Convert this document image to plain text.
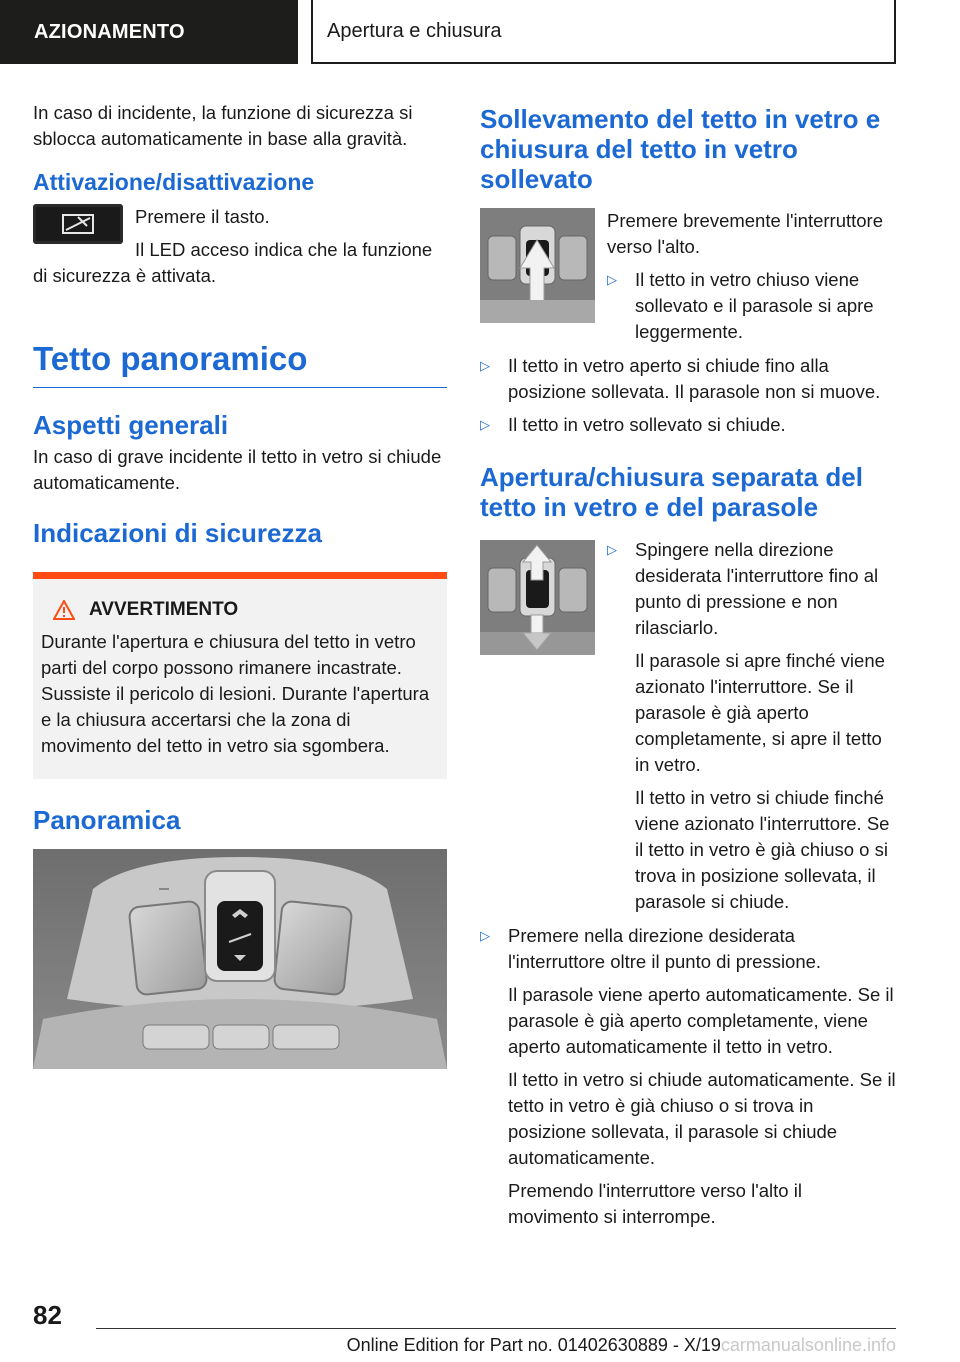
AZIONAMENTO	Apertura e chiusura

In caso di incidente, la funzione di sicurezza si sblocca automaticamente in base alla gravità.

Attivazione/disattivazione

Premere il tasto.

Il LED acceso indica che la funzione di sicurezza è attivata.

Tetto panoramico
Aspetti generali

In caso di grave incidente il tetto in vetro si chiude automaticamente.

Indicazioni di sicurezza
AVVERTIMENTO

Durante l'apertura e chiusura del tetto in vetro parti del corpo possono rimanere incastrate. Sussiste il pericolo di lesioni. Durante l'apertura e la chiusura accertarsi che la zona di movimento del tetto in vetro sia sgombera.

Panoramica
Sollevamento del tetto in vetro e chiusura del tetto in vetro sollevato

Premere brevemente l'interruttore verso l'alto.

▷ Il tetto in vetro chiuso viene sollevato e il parasole si apre leggermente.

▷ Il tetto in vetro aperto si chiude fino alla posizione sollevata. Il parasole non si muove.

▷ Il tetto in vetro sollevato si chiude.

Apertura/chiusura separata del tetto in vetro e del parasole
▷ Spingere nella direzione desiderata l'interruttore fino al punto di pressione e non rilasciarlo.

Il parasole si apre finché viene azionato l'interruttore. Se il parasole è già aperto completamente, si apre il tetto in vetro.

Il tetto in vetro si chiude finché viene azionato l'interruttore. Se il tetto in vetro è già chiuso o si trova in posizione sollevata, il parasole si chiude.

▷ Premere nella direzione desiderata l'interruttore oltre il punto di pressione.

Il parasole viene aperto automaticamente. Se il parasole è già aperto completamente, viene aperto automaticamente il tetto in vetro.

Il tetto in vetro si chiude automaticamente. Se il tetto in vetro è già chiuso o si trova in posizione sollevata, il parasole si chiude automaticamente.

Premendo l'interruttore verso l'alto il movimento si interrompe.

82
Online Edition for Part no. 01402630889 - X/19carmanualsonline.info
